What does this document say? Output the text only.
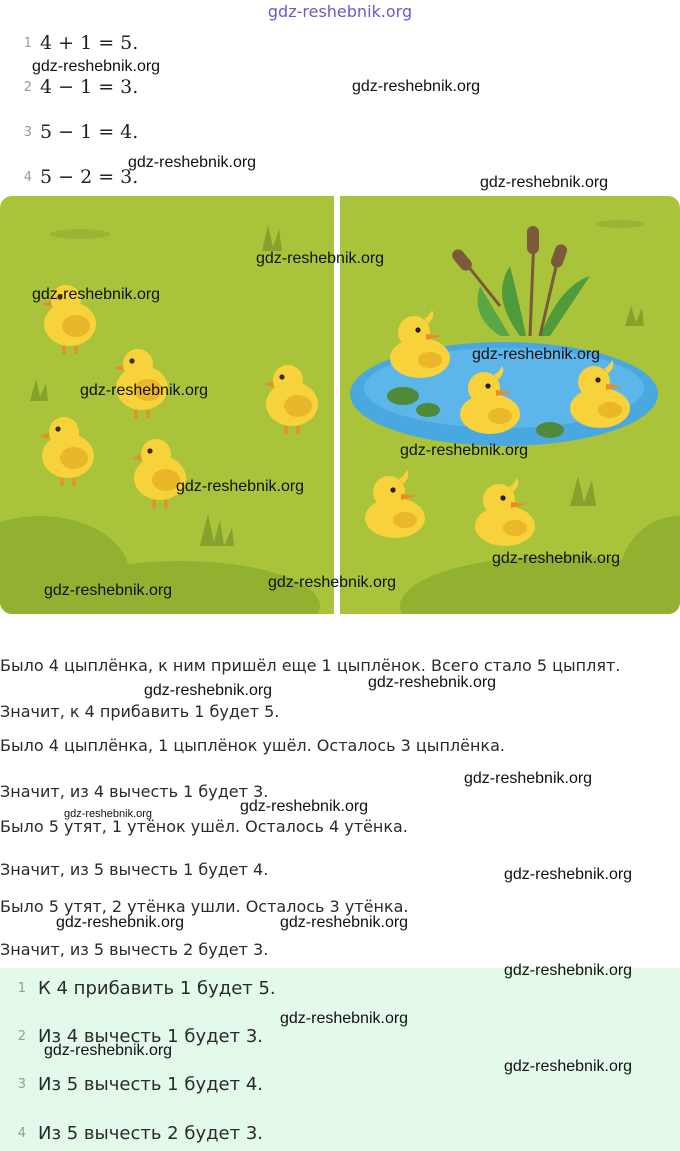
gdz-reshebnik.org
1 4 + 1 = 5.
2 4 − 1 = 3.
3 5 − 1 = 4.
4 5 − 2 = 3.
Было 4 цыплёнка, к ним пришёл еще 1 цыплёнок. Всего стало 5 цыплят.
Значит, к 4 прибавить 1 будет 5.
Было 4 цыплёнка, 1 цыплёнок ушёл. Осталось 3 цыплёнка.
Значит, из 4 вычесть 1 будет 3.
Было 5 утят, 1 утёнок ушёл. Осталось 4 утёнка.
Значит, из 5 вычесть 1 будет 4.
Было 5 утят, 2 утёнка ушли. Осталось 3 утёнка.
Значит, из 5 вычесть 2 будет 3.
1 К 4 прибавить 1 будет 5.
2 Из 4 вычесть 1 будет 3.
3 Из 5 вычесть 1 будет 4.
4 Из 5 вычесть 2 будет 3.
gdz-reshebnik.org
gdz-reshebnik.org
gdz-reshebnik.org
gdz-reshebnik.org
gdz-reshebnik.org
gdz-reshebnik.org
gdz-reshebnik.org
gdz-reshebnik.org
gdz-reshebnik.org
gdz-reshebnik.org
gdz-reshebnik.org
gdz-reshebnik.org
gdz-reshebnik.org
gdz-reshebnik.org
gdz-reshebnik.org
gdz-reshebnik.org
gdz-reshebnik.org
gdz-reshebnik.org
gdz-reshebnik.org
gdz-reshebnik.org	gdz-reshebnik.org
gdz-reshebnik.org
gdz-reshebnik.org
gdz-reshebnik.org
gdz-reshebnik.org
